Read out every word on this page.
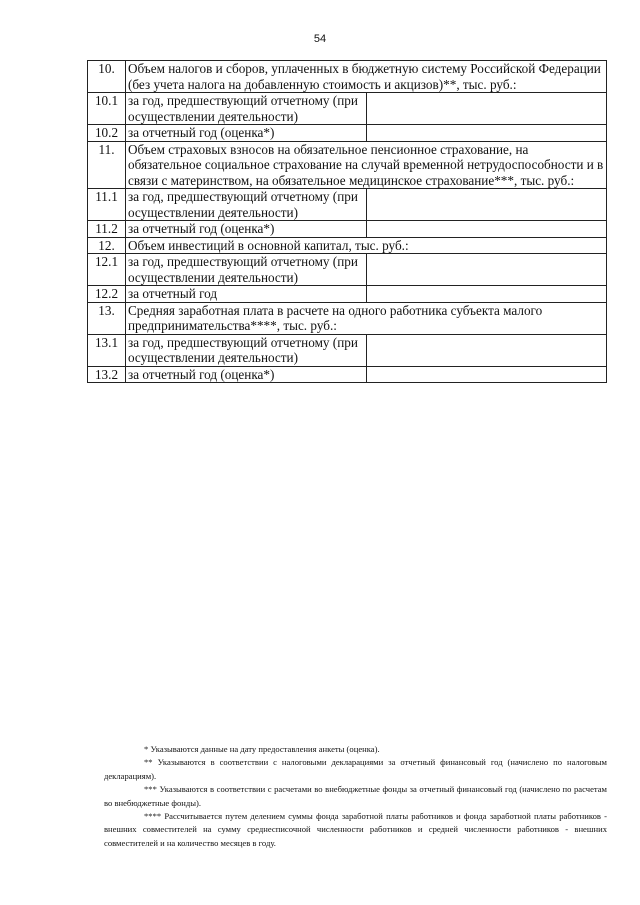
54
10.	Объем налогов и сборов, уплаченных в бюджетную систему Российской Федерации (без учета налога на добавленную стоимость и акцизов)**, тыс. руб.:	
10.1	за год, предшествующий отчетному (при осуществлении деятельности)	
10.2	за отчетный год (оценка*)	
11.	Объем страховых взносов на обязательное пенсионное страхование, на обязательное социальное страхование на случай временной нетрудоспособности и в связи с материнством, на обязательное медицинское страхование***, тыс. руб.:	
11.1	за год, предшествующий отчетному (при осуществлении деятельности)	
11.2	за отчетный год (оценка*)	
12.	Объем инвестиций в основной капитал, тыс. руб.:	
12.1	за год, предшествующий отчетному (при осуществлении деятельности)	
12.2	за отчетный год	
13.	Средняя заработная плата в расчете на одного работника субъекта малого предпринимательства****, тыс. руб.:	
13.1	за год, предшествующий отчетному (при осуществлении деятельности)	
13.2	за отчетный год (оценка*)	

* Указываются данные на дату предоставления анкеты (оценка).

** Указываются в соответствии с налоговыми декларациями за отчетный финансовый год (начислено по налоговым декларациям).

*** Указываются в соответствии с расчетами во внебюджетные фонды за отчетный финансовый год (начислено по расчетам во внебюджетные фонды).

**** Рассчитывается путем делением суммы фонда заработной платы работников и фонда заработной платы работников - внешних совместителей на сумму среднесписочной численности работников и средней численности работников - внешних совместителей и на количество месяцев в году.
